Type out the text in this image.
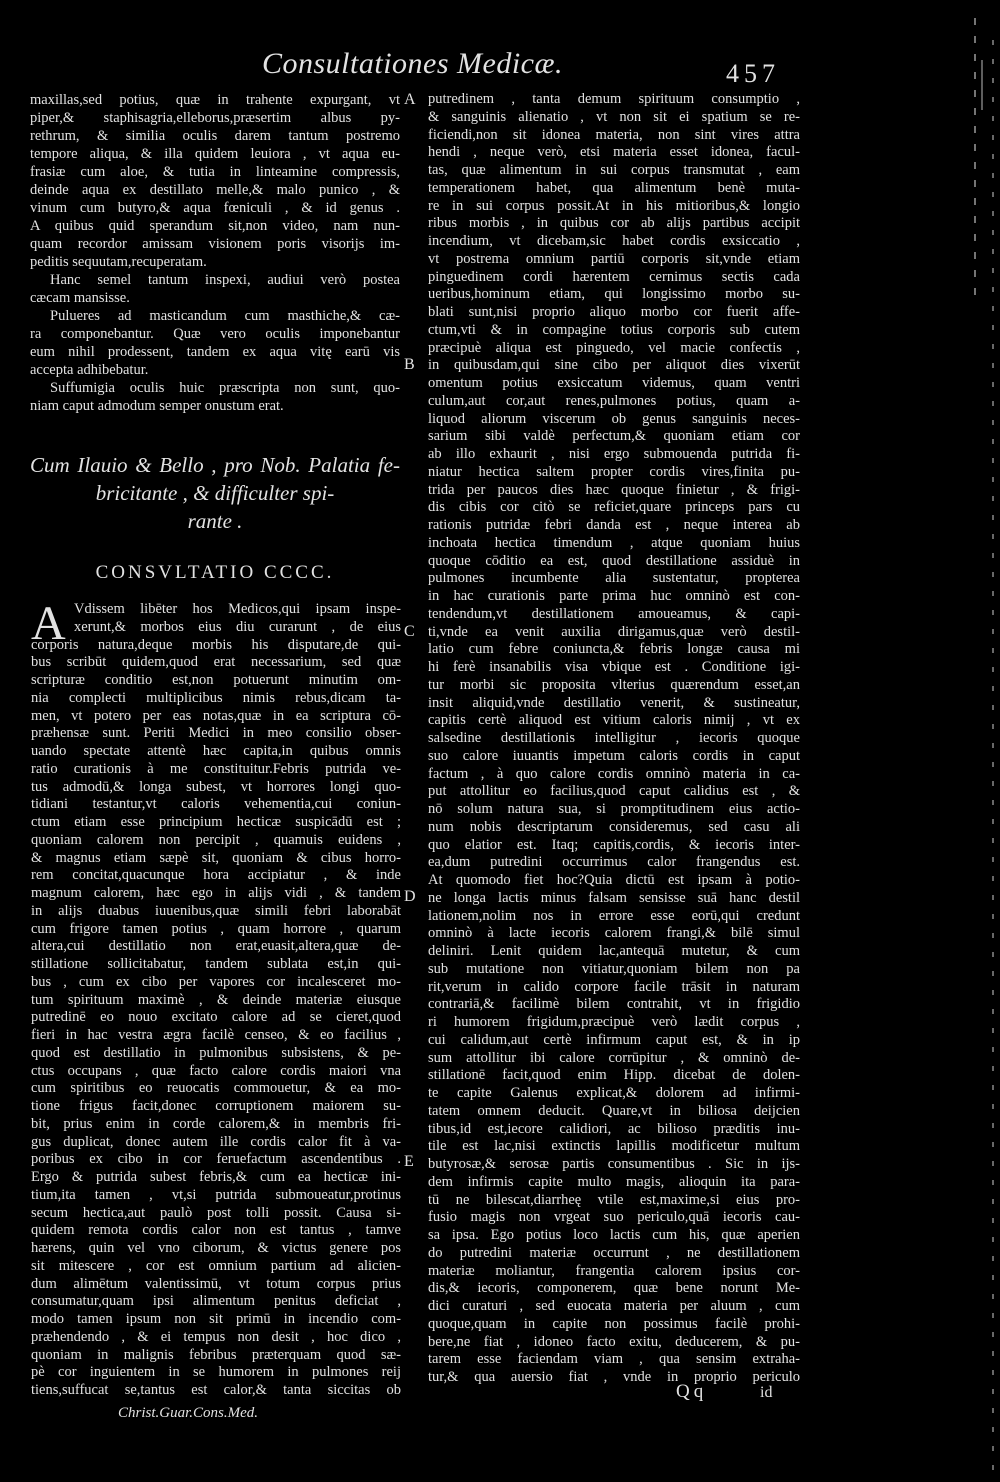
Consultationes Medicæ.	457
maxillas,sed potius, quæ in trahente expurgant, vt
piper,& staphisagria,elleborus,præsertim albus py-
rethrum, & similia oculis darem tantum postremo
tempore aliqua, & illa quidem leuiora , vt aqua eu-
frasiæ cum aloe, & tutia in linteamine compressis,
deinde aqua ex destillato melle,& malo punico , &
vinum cum butyro,& aqua fœniculi , & id genus .
A quibus quid sperandum sit,non video, nam nun-
quam recordor amissam visionem poris visorijs im-
peditis sequutam,recuperatam.
Hanc semel tantum inspexi, audiui verò postea
cæcam mansisse.
Pulueres ad masticandum cum masthiche,& cæ-
ra componebantur. Quæ vero oculis imponebantur
eum nihil prodessent, tandem ex aqua vitę earū vis
accepta adhibebatur.
Suffumigia oculis huic præscripta non sunt, quo-
niam caput admodum semper onustum erat.
Cum Ilauio & Bello , pro Nob. Palatia fe-
bricitante , & difficulter spi-
rante .
CONSVLTATIO CCCC.
A Vdissem libēter hos Medicos,qui ipsam inspe-
xerunt,& morbos eius diu curarunt , de eius
corporis natura,deque morbis his disputare,de qui-
bus scribūt quidem,quod erat necessarium, sed quæ
scripturæ conditio est,non potuerunt minutim om-
nia complecti multiplicibus nimis rebus,dicam ta-
men, vt potero per eas notas,quæ in ea scriptura cō-
præhensæ sunt. Periti Medici in meo consilio obser-
uando spectate attentè hæc capita,in quibus omnis
ratio curationis à me constituitur.Febris putrida ve-
tus admodū,& longa subest, vt horrores longi quo-
tidiani testantur,vt caloris vehementia,cui coniun-
ctum etiam esse principium hecticæ suspicādū est ;
quoniam calorem non percipit , quamuis euidens ,
& magnus etiam sæpè sit, quoniam & cibus horro-
rem concitat,quacunque hora accipiatur , & inde
magnum calorem, hæc ego in alijs vidi , & tandem
in alijs duabus iuuenibus,quæ simili febri laborabāt
cum frigore tamen potius , quam horrore , quarum
altera,cui destillatio non erat,euasit,altera,quæ de-
stillatione sollicitabatur, tandem sublata est,in qui-
bus , cum ex cibo per vapores cor incalesceret mo-
tum spirituum maximè , & deinde materiæ eiusque
putredinē eo nouo excitato calore ad se cieret,quod
fieri in hac vestra ægra facilè censeo, & eo facilius ,
quod est destillatio in pulmonibus subsistens, & pe-
ctus occupans , quæ facto calore cordis maiori vna
cum spiritibus eo reuocatis commouetur, & ea mo-
tione frigus facit,donec corruptionem maiorem su-
bit, prius enim in corde calorem,& in membris fri-
gus duplicat, donec autem ille cordis calor fit à va-
poribus ex cibo in cor feruefactum ascendentibus .
Ergo & putrida subest febris,& cum ea hecticæ ini-
tium,ita tamen , vt,si putrida submoueatur,protinus
secum hectica,aut paulò post tolli possit. Causa si-
quidem remota cordis calor non est tantus , tamve
hærens, quin vel vno ciborum, & victus genere pos
sit mitescere , cor est omnium partium ad alicien-
dum alimētum valentissimū, vt totum corpus prius
consumatur,quam ipsi alimentum penitus deficiat ,
modo tamen ipsum non sit primū in incendio com-
præhendendo , & ei tempus non desit , hoc dico ,
quoniam in malignis febribus præterquam quod sæ-
pè cor inguientem in se humorem in pulmones reij
tiens,suffucat se,tantus est calor,& tanta siccitas ob
putredinem , tanta demum spirituum consumptio ,
& sanguinis alienatio , vt non sit ei spatium se re-
ficiendi,non sit idonea materia, non sint vires attra
hendi , neque verò, etsi materia esset idonea, facul-
tas, quæ alimentum in sui corpus transmutat , eam
temperationem habet, qua alimentum benè muta-
re in sui corpus possit.At in his mitioribus,& longio
ribus morbis , in quibus cor ab alijs partibus accipit
incendium, vt dicebam,sic habet cordis exsiccatio ,
vt postrema omnium partiū corporis sit,vnde etiam
pinguedinem cordi hærentem cernimus sectis cada
ueribus,hominum etiam, qui longissimo morbo su-
blati sunt,nisi proprio aliquo morbo cor fuerit affe-
ctum,vti & in compagine totius corporis sub cutem
præcipuè aliqua est pinguedo, vel macie confectis ,
in quibusdam,qui sine cibo per aliquot dies vixerūt
omentum potius exsiccatum videmus, quam ventri
culum,aut cor,aut renes,pulmones potius, quam a-
liquod aliorum viscerum ob genus sanguinis neces-
sarium sibi valdè perfectum,& quoniam etiam cor
ab illo exhaurit , nisi ergo submouenda putrida fi-
niatur hectica saltem propter cordis vires,finita pu-
trida per paucos dies hæc quoque finietur , & frigi-
dis cibis cor citò se reficiet,quare princeps pars cu
rationis putridæ febri danda est , neque interea ab
inchoata hectica timendum , atque quoniam huius
quoque cōditio ea est, quod destillatione assiduè in
pulmones incumbente alia sustentatur, propterea
in hac curationis parte prima huc omninò est con-
tendendum,vt destillationem amoueamus, & capi-
ti,vnde ea venit auxilia dirigamus,quæ verò destil-
latio cum febre coniuncta,& febris longæ causa mi
hi ferè insanabilis visa vbique est . Conditione igi-
tur morbi sic proposita vlterius quærendum esset,an
insit aliquid,vnde destillatio venerit, & sustineatur,
capitis certè aliquod est vitium caloris nimij , vt ex
salsedine destillationis intelligitur , iecoris quoque
suo calore iuuantis impetum caloris cordis in caput
factum , à quo calore cordis omninò materia in ca-
put attollitur eo facilius,quod caput calidius est , &
nō solum natura sua, si promptitudinem eius actio-
num nobis descriptarum consideremus, sed casu ali
quo elatior est. Itaq; capitis,cordis, & iecoris inter-
ea,dum putredini occurrimus calor frangendus est.
At quomodo fiet hoc?Quia dictū est ipsam à potio-
ne longa lactis minus falsam sensisse suā hanc destil
lationem,nolim nos in errore esse eorū,qui credunt
omninò à lacte iecoris calorem frangi,& bilē simul
deliniri. Lenit quidem lac,antequā mutetur, & cum
sub mutatione non vitiatur,quoniam bilem non pa
rit,verum in calido corpore facile trāsit in naturam
contrariā,& facilimè bilem contrahit, vt in frigidio
ri humorem frigidum,præcipuè verò lædit corpus ,
cui calidum,aut certè infirmum caput est, & in ip
sum attollitur ibi calore corrūpitur , & omninò de-
stillationē facit,quod enim Hipp. dicebat de dolen-
te capite Galenus explicat,& dolorem ad infirmi-
tatem omnem deducit. Quare,vt in biliosa deijcien
tibus,id est,iecore calidiori, ac bilioso præditis inu-
tile est lac,nisi extinctis lapillis modificetur multum
butyrosæ,& serosæ partis consumentibus . Sic in ijs-
dem infirmis capite multo magis, alioquin ita para-
tū ne bilescat,diarrheę vtile est,maxime,si eius pro-
fusio magis non vrgeat suo periculo,quā iecoris cau-
sa ipsa. Ego potius loco lactis cum his, quæ aperien
do putredini materiæ occurrunt , ne destillationem
materiæ moliantur, frangentia calorem ipsius cor-
dis,& iecoris, componerem, quæ bene norunt Me-
dici curaturi , sed euocata materia per aluum , cum
quoque,quam in capite non possimus facilè prohi-
bere,ne fiat , idoneo facto exitu, deducerem, & pu-
tarem esse faciendam viam , qua sensim extraha-
tur,& qua auersio fiat , vnde in proprio periculo
A
B
C
D
E
Christ.Guar.Cons.Med.
Qq	id
